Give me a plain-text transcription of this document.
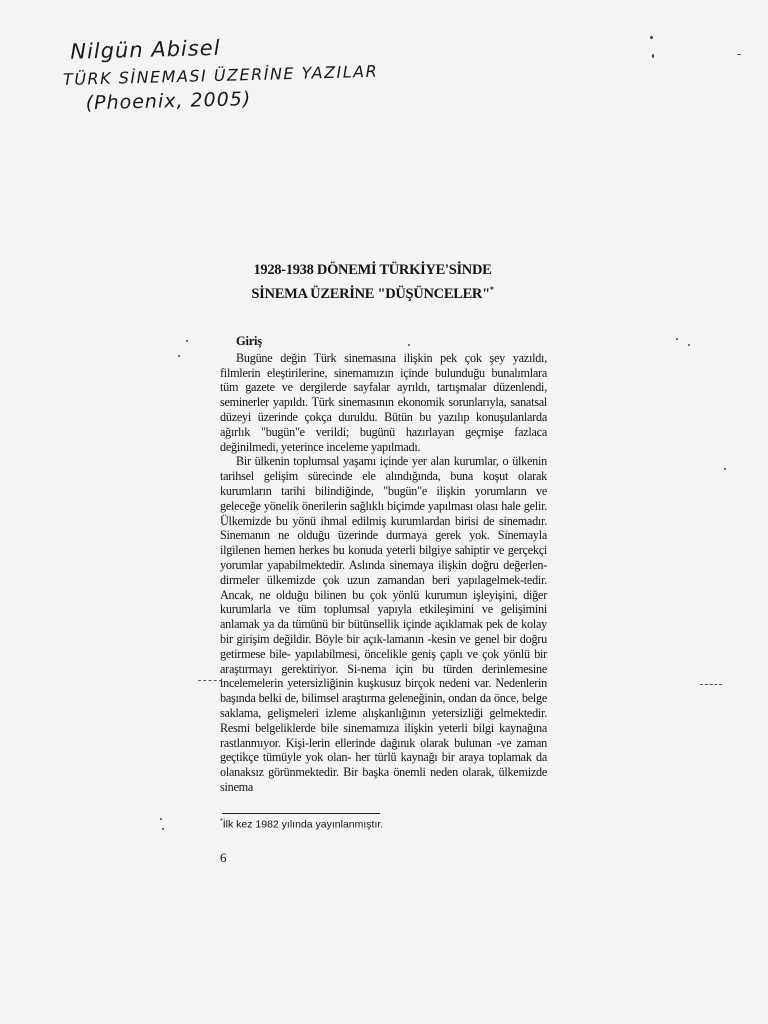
Nilgün Abisel
TÜRK SİNEMASI ÜZERİNE YAZILAR
(Phoenix, 2005)
1928-1938 DÖNEMİ TÜRKİYE'SİNDE
SİNEMA ÜZERİNE "DÜŞÜNCELER"*
Giriş

Bugüne değin Türk sinemasına ilişkin pek çok şey yazıldı, filmlerin eleştirilerine, sinemamızın içinde bulunduğu bunalımlara tüm gazete ve dergilerde sayfalar ayrıldı, tartışmalar düzenlendi, seminerler yapıldı. Türk sinemasının ekonomik sorunlarıyla, sanatsal düzeyi üzerinde çokça duruldu. Bütün bu yazılıp konuşulanlarda ağırlık "bugün"e verildi; bugünü hazırlayan geçmişe fazlaca değinilmedi, yeterince inceleme yapılmadı.

Bir ülkenin toplumsal yaşamı içinde yer alan kurumlar, o ülkenin tarihsel gelişim sürecinde ele alındığında, buna koşut olarak kurumların tarihi bilindiğinde, "bugün"e ilişkin yorumların ve geleceğe yönelik önerilerin sağlıklı biçimde yapılması olası hale gelir. Ülkemizde bu yönü ihmal edilmiş kurumlardan birisi de sinemadır. Sinemanın ne olduğu üzerinde durmaya gerek yok. Sinemayla ilgilenen hemen herkes bu konuda yeterli bilgiye sahiptir ve gerçekçi yorumlar yapabilmektedir. Aslında sinemaya ilişkin doğru değerlen-dirmeler ülkemizde çok uzun zamandan beri yapılagelmek-tedir. Ancak, ne olduğu bilinen bu çok yönlü kurumun işleyişini, diğer kurumlarla ve tüm toplumsal yapıyla etkileşimini ve gelişimini anlamak ya da tümünü bir bütünsellik içinde açıklamak pek de kolay bir girişim değildir. Böyle bir açık-lamanın -kesin ve genel bir doğru getirmese bile- yapılabilmesi, öncelikle geniş çaplı ve çok yönlü bir araştırmayı gerektiriyor. Si-nema için bu türden derinlemesine incelemelerin yetersizliğinin kuşkusuz birçok nedeni var. Nedenlerin başında belki de, bilimsel araştırma geleneğinin, ondan da önce, belge saklama, gelişmeleri izleme alışkanlığının yetersizliği gelmektedir. Resmi belgeliklerde bile sinemamıza ilişkin yeterli bilgi kaynağına rastlanmıyor. Kişi-lerin ellerinde dağınık olarak bulunan -ve zaman geçtikçe tümüyle yok olan- her türlü kaynağı bir araya toplamak da olanaksız görünmektedir. Bir başka önemli neden olarak, ülkemizde sinema

*İlk kez 1982 yılında yayınlanmıştır.
6
